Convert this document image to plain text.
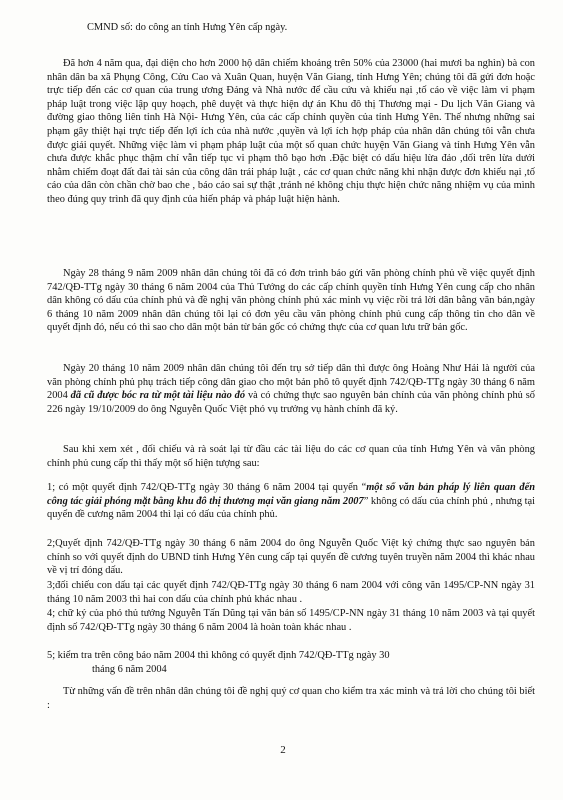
CMND số: do công an tỉnh Hưng Yên cấp ngày.

Đã hơn 4 năm qua, đại diện cho hơn 2000 hộ dân chiếm khoảng trên 50% của 23000 (hai mươi ba nghìn) bà con nhân dân ba xã Phụng Công, Cửu Cao và Xuân Quan, huyện Văn Giang, tỉnh Hưng Yên; chúng tôi đã gửi đơn hoặc trực tiếp đến các cơ quan của trung ương Đảng và Nhà nước để cầu cứu và khiếu nại ,tố cáo về việc làm vi phạm pháp luật trong việc lập quy hoạch, phê duyệt và thực hiện dự án Khu đô thị Thương mại - Du lịch Văn Giang và đường giao thông liên tỉnh Hà Nội- Hưng Yên, của các cấp chính quyền của tỉnh Hưng Yên. Thế nhưng những sai phạm gây thiệt hại trực tiếp đến lợi ích của nhà nước ,quyền và lợi ích hợp pháp của nhân dân chúng tôi vẫn chưa được giải quyết. Những việc làm vi phạm pháp luật của một số quan chức huyện Văn Giang và tỉnh Hưng Yên vẫn chưa được khắc phục thậm chí vẫn tiếp tục vi phạm thô bạo hơn .Đặc biệt có dấu hiệu lừa đảo ,dối trên lừa dưới nhằm chiếm đoạt đất đai tài sản của công dân trái pháp luật , các cơ quan chức năng khi nhận được đơn khiếu nại ,tố cáo của dân còn chần chờ bao che , báo cáo sai sự thật ,tránh né không chịu thực hiện chức năng nhiệm vụ của mình theo đúng quy trình đã quy định của hiến pháp và pháp luật hiện hành.

Ngày 28 tháng 9 năm 2009 nhân dân chúng tôi đã có đơn trình báo gửi văn phòng chính phủ về việc quyết định 742/QĐ-TTg ngày 30 tháng 6 năm 2004 của Thủ Tướng do các cấp chính quyền tỉnh Hưng Yên cung cấp cho nhân dân không có dấu của chính phủ và đề nghị văn phòng chính phủ xác minh vụ việc rồi trả lời dân bằng văn bản,ngày 6 tháng 10 năm 2009 nhân dân chúng tôi lại có đơn yêu cầu văn phòng chính phủ cung cấp thông tin cho dân về quyết định đó, nếu có thì sao cho dân một bản từ bản gốc có chứng thực của cơ quan lưu trữ bản gốc.

Ngày 20 tháng 10 năm 2009 nhân dân chúng tôi đến trụ sở tiếp dân thì được ông Hoàng Như Hải là người của văn phòng chính phủ phụ trách tiếp công dân giao cho một bản phô tô quyết định 742/QĐ-TTg ngày 30 tháng 6 năm 2004 đã cũ được bóc ra từ một tài liệu nào đó và có chứng thực sao nguyên bản chính của văn phòng chính phủ số 226 ngày 19/10/2009 do ông Nguyễn Quốc Việt phó vụ trưởng vụ hành chính đã ký.

Sau khi xem xét , đối chiếu và rà soát lại từ đầu các tài liệu do các cơ quan của tỉnh Hưng Yên và văn phòng chính phủ cung cấp thì thấy một số hiện tượng sau:

1; có một quyết định 742/QĐ-TTg ngày 30 tháng 6 năm 2004 tại quyển “một số văn bản pháp lý liên quan đến công tác giải phóng mặt bằng khu đô thị thương mại văn giang năm 2007” không có dấu của chính phủ , nhưng tại quyển đề cương năm 2004 thì lại có dấu của chính phủ.

2;Quyết định 742/QĐ-TTg ngày 30 tháng 6 năm 2004 do ông Nguyễn Quốc Việt ký chứng thực sao nguyên bản chính so với quyết định do UBND tỉnh Hưng Yên cung cấp tại quyển đề cương tuyên truyền năm 2004 thì khác nhau về vị trí đóng dấu.

3;đối chiếu con dấu tại các quyết định 742/QĐ-TTg ngày 30 tháng 6 nam 2004 với công văn 1495/CP-NN ngày 31 tháng 10 năm 2003 thì hai con dấu của chính phủ khác nhau .

4; chữ ký của phó thủ tướng Nguyễn Tấn Dũng tại văn bản số 1495/CP-NN ngày 31 tháng 10 năm 2003 và tại quyết định số 742/QĐ-TTg ngày 30 tháng 6 năm 2004 là hoàn toàn khác nhau .

5; kiểm tra trên công báo năm 2004 thì không có quyết định 742/QĐ-TTg ngày 30

tháng 6 năm 2004

Từ những vấn đề trên nhân dân chúng tôi đề nghị quý cơ quan cho kiểm tra xác minh và trả lời cho chúng tôi biết :

2
